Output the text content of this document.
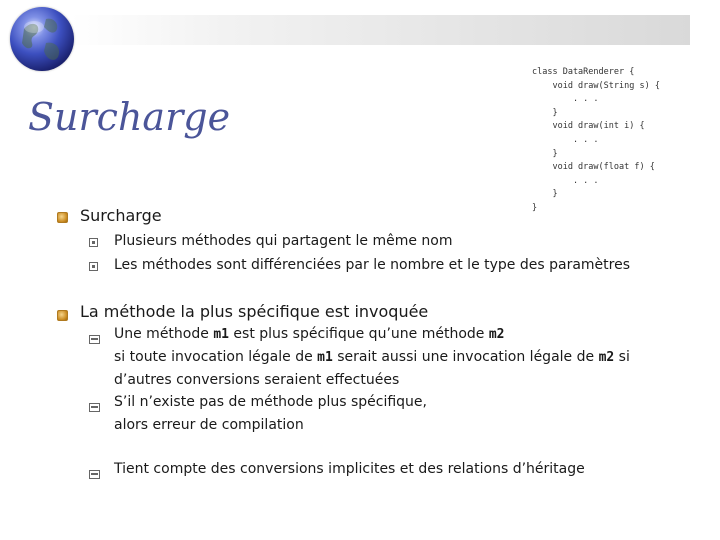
Surcharge
class DataRenderer {
void draw(String s) {
. . .
}
void draw(int i) {
. . .
}
void draw(float f) {
. . .
}
}
Surcharge
Plusieurs méthodes qui partagent le même nom
Les méthodes sont différenciées par le nombre et le type des paramètres
La méthode la plus spécifique est invoquée
Une méthode m1 est plus spécifique qu’une méthode m2
si toute invocation légale de m1 serait aussi une invocation légale de m2 si
d’autres conversions seraient effectuées
S’il n’existe pas de méthode plus spécifique,
alors erreur de compilation
Tient compte des conversions implicites et des relations d’héritage
